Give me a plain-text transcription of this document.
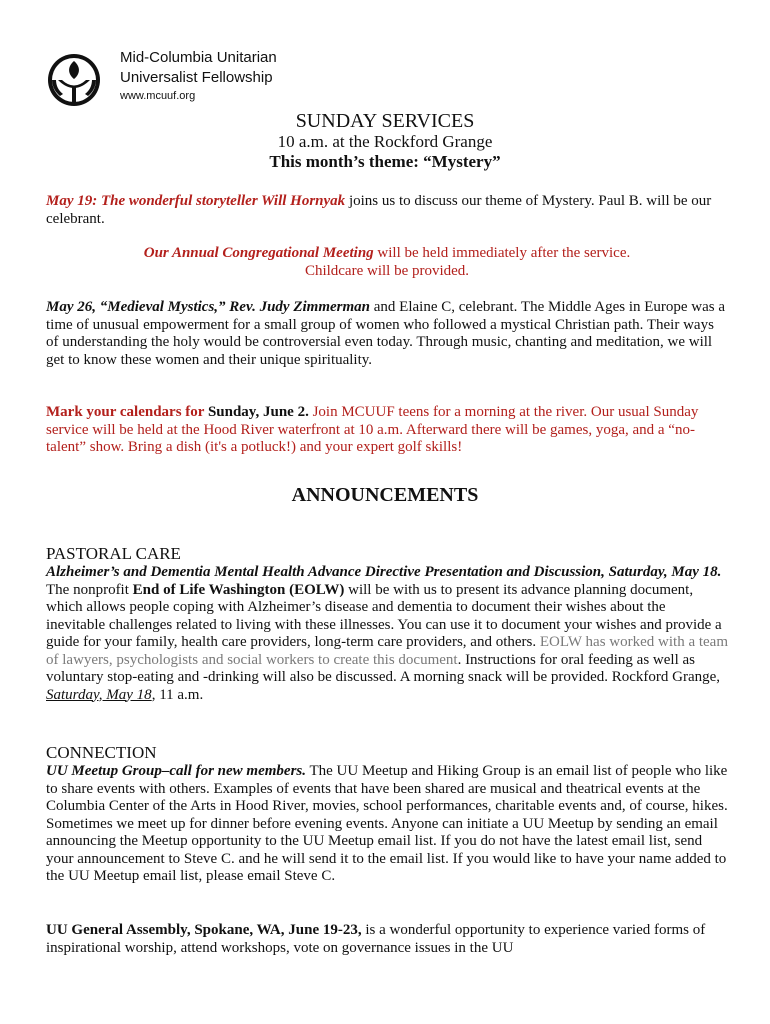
Mid-Columbia Unitarian
Universalist Fellowship
www.mcuuf.org
SUNDAY SERVICES
10 a.m. at the Rockford Grange
This month’s theme: “Mystery”
May 19: The wonderful storyteller Will Hornyak joins us to discuss our theme of Mystery. Paul B. will be our celebrant.
Our Annual Congregational Meeting will be held immediately after the service.
Childcare will be provided.
May 26, “Medieval Mystics,” Rev. Judy Zimmerman and Elaine C, celebrant. The Middle Ages in Europe was a time of unusual empowerment for a small group of women who followed a mystical Christian path. Their ways of understanding the holy would be controversial even today. Through music, chanting and meditation, we will get to know these women and their unique spirituality.
Mark your calendars for Sunday, June 2. Join MCUUF teens for a morning at the river. Our usual Sunday service will be held at the Hood River waterfront at 10 a.m. Afterward there will be games, yoga, and a “no-talent” show. Bring a dish (it's a potluck!) and your expert golf skills!
ANNOUNCEMENTS
PASTORAL CARE
Alzheimer’s and Dementia Mental Health Advance Directive Presentation and Discussion, Saturday, May 18. The nonprofit End of Life Washington (EOLW) will be with us to present its advance planning document, which allows people coping with Alzheimer’s disease and dementia to document their wishes about the inevitable challenges related to living with these illnesses. You can use it to document your wishes and provide a guide for your family, health care providers, long-term care providers, and others. EOLW has worked with a team of lawyers, psychologists and social workers to create this document. Instructions for oral feeding as well as voluntary stop-eating and -drinking will also be discussed. A morning snack will be provided. Rockford Grange, Saturday, May 18, 11 a.m.
CONNECTION
UU Meetup Group–call for new members. The UU Meetup and Hiking Group is an email list of people who like to share events with others. Examples of events that have been shared are musical and theatrical events at the Columbia Center of the Arts in Hood River, movies, school performances, charitable events and, of course, hikes. Sometimes we meet up for dinner before evening events. Anyone can initiate a UU Meetup by sending an email announcing the Meetup opportunity to the UU Meetup email list. If you do not have the latest email list, send your announcement to Steve C. and he will send it to the email list. If you would like to have your name added to the UU Meetup email list, please email Steve C.
UU General Assembly, Spokane, WA, June 19-23, is a wonderful opportunity to experience varied forms of inspirational worship, attend workshops, vote on governance issues in the UU
